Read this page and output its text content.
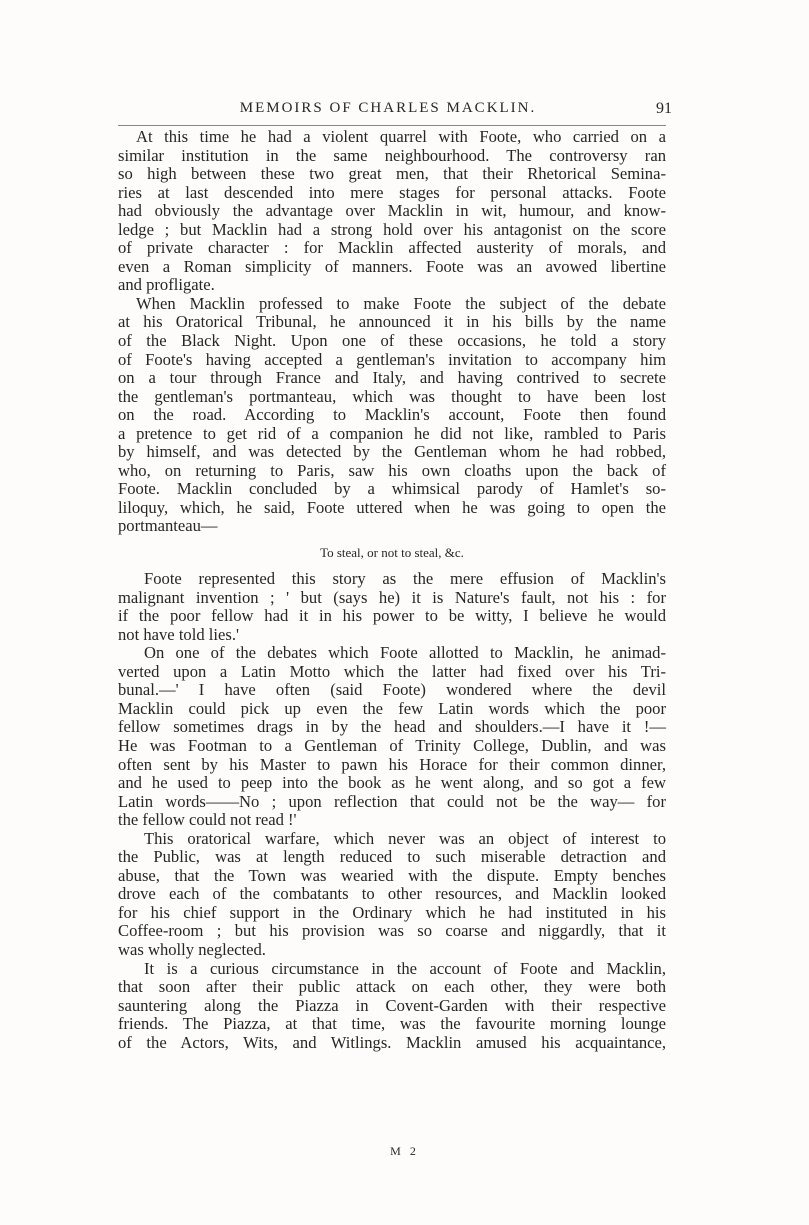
MEMOIRS OF CHARLES MACKLIN.	91
At this time he had a violent quarrel with Foote, who carried on a
similar institution in the same neighbourhood. The controversy ran
so high between these two great men, that their Rhetorical Semina-
ries at last descended into mere stages for personal attacks. Foote
had obviously the advantage over Macklin in wit, humour, and know-
ledge ; but Macklin had a strong hold over his antagonist on the score
of private character : for Macklin affected austerity of morals, and
even a Roman simplicity of manners. Foote was an avowed libertine
and profligate.
When Macklin professed to make Foote the subject of the debate
at his Oratorical Tribunal, he announced it in his bills by the name
of the Black Night. Upon one of these occasions, he told a story
of Foote's having accepted a gentleman's invitation to accompany him
on a tour through France and Italy, and having contrived to secrete
the gentleman's portmanteau, which was thought to have been lost
on the road. According to Macklin's account, Foote then found
a pretence to get rid of a companion he did not like, rambled to Paris
by himself, and was detected by the Gentleman whom he had robbed,
who, on returning to Paris, saw his own cloaths upon the back of
Foote. Macklin concluded by a whimsical parody of Hamlet's so-
liloquy, which, he said, Foote uttered when he was going to open the
portmanteau—
To steal, or not to steal, &c.
Foote represented this story as the mere effusion of Macklin's
malignant invention ; ' but (says he) it is Nature's fault, not his : for
if the poor fellow had it in his power to be witty, I believe he would
not have told lies.'
On one of the debates which Foote allotted to Macklin, he animad-
verted upon a Latin Motto which the latter had fixed over his Tri-
bunal.—' I have often (said Foote) wondered where the devil
Macklin could pick up even the few Latin words which the poor
fellow sometimes drags in by the head and shoulders.—I have it !—
He was Footman to a Gentleman of Trinity College, Dublin, and was
often sent by his Master to pawn his Horace for their common dinner,
and he used to peep into the book as he went along, and so got a few
Latin words——No ; upon reflection that could not be the way— for
the fellow could not read !'
This oratorical warfare, which never was an object of interest to
the Public, was at length reduced to such miserable detraction and
abuse, that the Town was wearied with the dispute. Empty benches
drove each of the combatants to other resources, and Macklin looked
for his chief support in the Ordinary which he had instituted in his
Coffee-room ; but his provision was so coarse and niggardly, that it
was wholly neglected.
It is a curious circumstance in the account of Foote and Macklin,
that soon after their public attack on each other, they were both
sauntering along the Piazza in Covent-Garden with their respective
friends. The Piazza, at that time, was the favourite morning lounge
of the Actors, Wits, and Witlings. Macklin amused his acquaintance,
M 2
